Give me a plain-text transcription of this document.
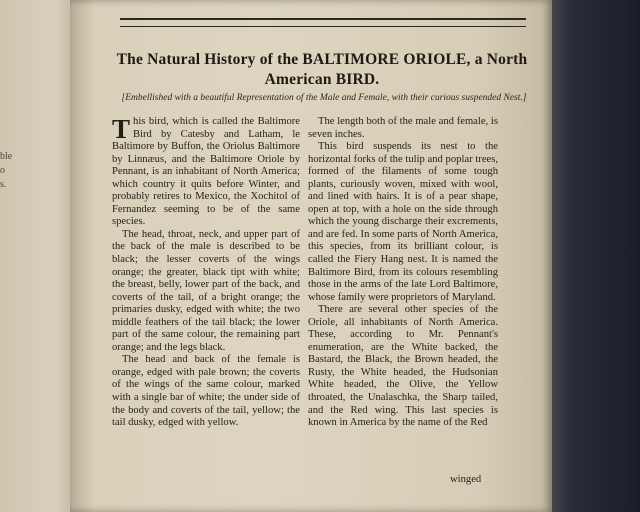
ble
o
s.
The Natural History of the BALTIMORE ORIOLE, a North American BIRD.
[Embellished with a beautiful Representation of the Male and Female, with their curious suspended Nest.]

This bird, which is called the Baltimore Bird by Catesby and Latham, le Baltimore by Buffon, the Oriolus Baltimore by Linnæus, and the Baltimore Oriole by Pennant, is an inhabitant of North America; which country it quits before Winter, and probably retires to Mexico, the Xochitol of Fernandez seeming to be of the same species.

The head, throat, neck, and upper part of the back of the male is described to be black; the lesser coverts of the wings orange; the greater, black tipt with white; the breast, belly, lower part of the back, and coverts of the tail, of a bright orange; the primaries dusky, edged with white; the two middle feathers of the tail black; the lower part of the same colour, the remaining part orange; and the legs black.

The head and back of the female is orange, edged with pale brown; the coverts of the wings of the same colour, marked with a single bar of white; the under side of the body and coverts of the tail, yellow; the tail dusky, edged with yellow.

The length both of the male and female, is seven inches.

This bird suspends its nest to the horizontal forks of the tulip and poplar trees, formed of the filaments of some tough plants, curiously woven, mixed with wool, and lined with hairs. It is of a pear shape, open at top, with a hole on the side through which the young discharge their excrements, and are fed. In some parts of North America, this species, from its brilliant colour, is called the Fiery Hang nest. It is named the Baltimore Bird, from its colours resembling those in the arms of the late Lord Baltimore, whose family were proprietors of Maryland.

There are several other species of the Oriole, all inhabitants of North America. These, according to Mr. Pennant's enumeration, are the White backed, the Bastard, the Black, the Brown headed, the Rusty, the White headed, the Hudsonian White headed, the Olive, the Yellow throated, the Unalaschka, the Sharp tailed, and the Red wing. This last species is known in America by the name of the Red

winged
